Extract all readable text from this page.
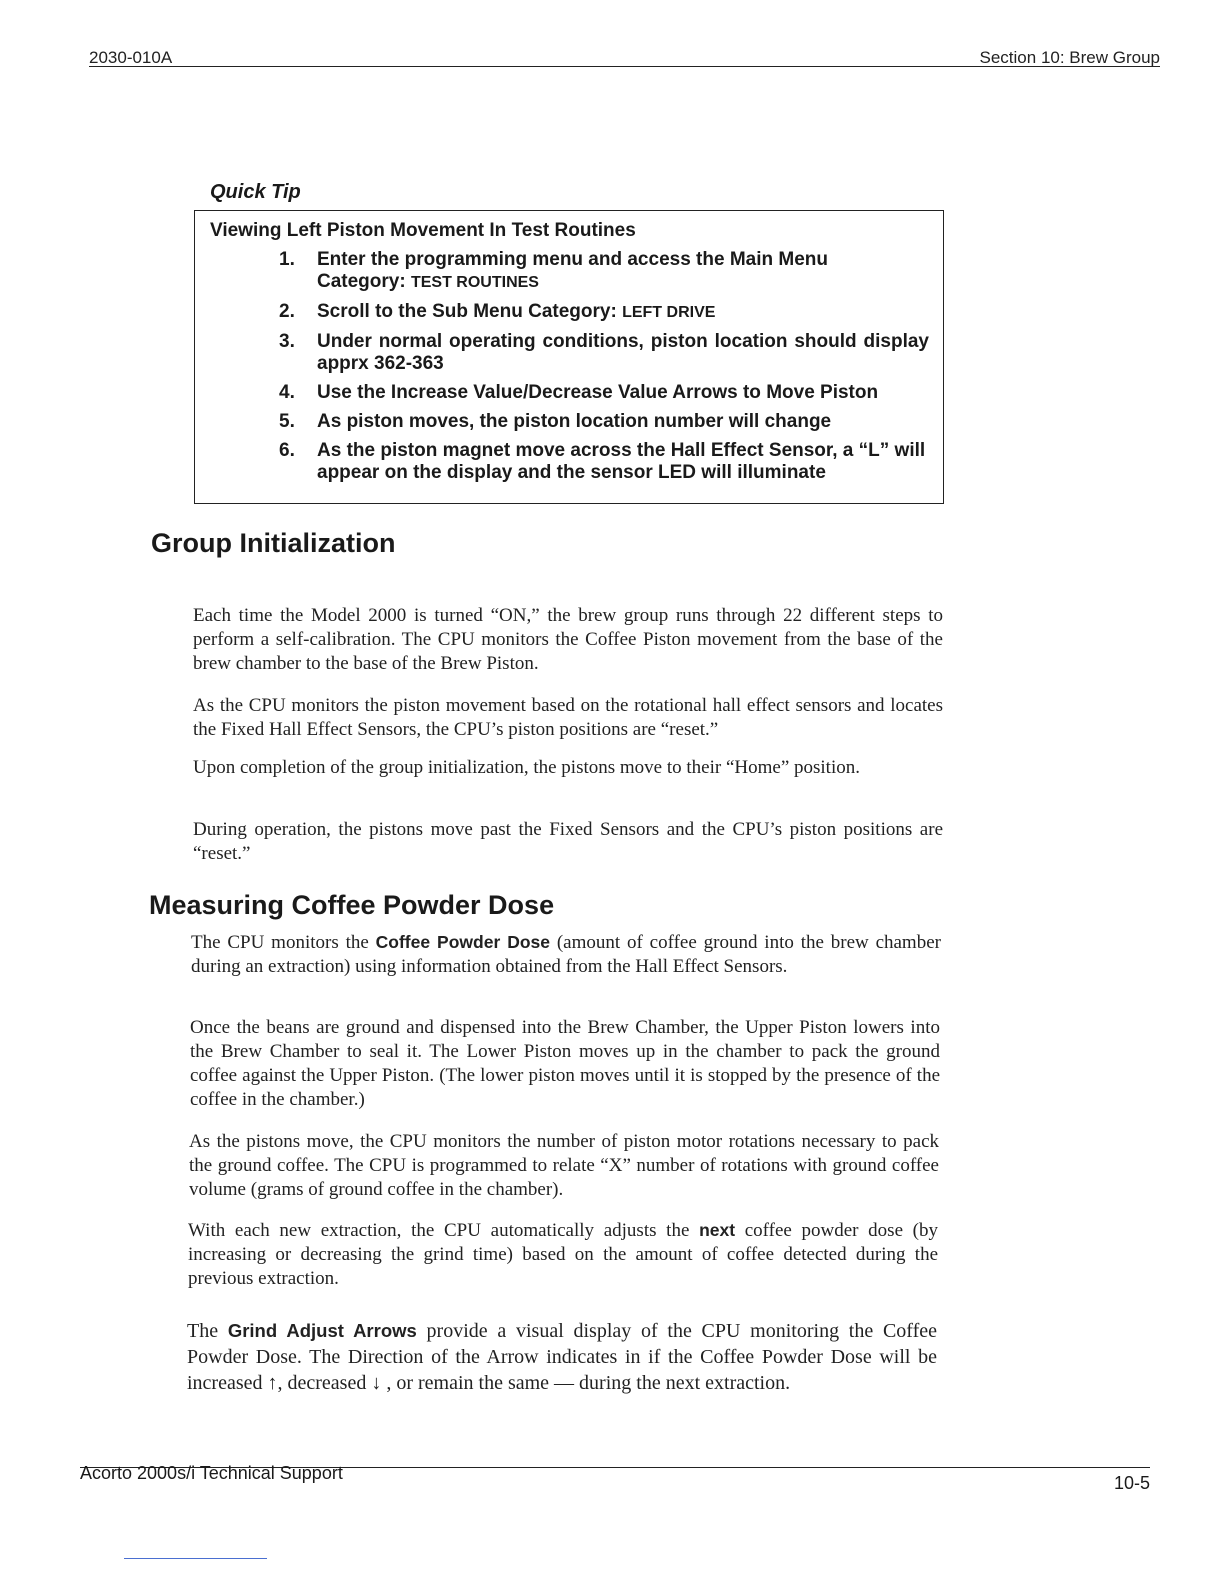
2030-010A	Section 10: Brew Group
Quick Tip
Viewing Left Piston Movement In Test Routines
1.	Enter the programming menu and access the Main Menu
Category: TEST ROUTINES
2.	Scroll to the Sub Menu Category: LEFT DRIVE
3.	Under normal operating conditions, piston location should display apprx 362-363
4.	Use the Increase Value/Decrease Value Arrows to Move Piston
5.	As piston moves, the piston location number will change
6.	As the piston magnet move across the Hall Effect Sensor, a “L” will appear on the display and the sensor LED will illuminate
Group Initialization

Each time the Model 2000 is turned “ON,” the brew group runs through 22 different steps to perform a self-calibration. The CPU monitors the Coffee Piston movement from the base of the brew chamber to the base of the Brew Piston.

As the CPU monitors the piston movement based on the rotational hall effect sensors and locates the Fixed Hall Effect Sensors, the CPU’s piston positions are “reset.”

Upon completion of the group initialization, the pistons move to their “Home” position.

During operation, the pistons move past the Fixed Sensors and the CPU’s piston positions are “reset.”

Measuring Coffee Powder Dose

The CPU monitors the Coffee Powder Dose (amount of coffee ground into the brew chamber during an extraction) using information obtained from the Hall Effect Sensors.

Once the beans are ground and dispensed into the Brew Chamber, the Upper Piston lowers into the Brew Chamber to seal it. The Lower Piston moves up in the chamber to pack the ground coffee against the Upper Piston. (The lower piston moves until it is stopped by the presence of the coffee in the chamber.)

As the pistons move, the CPU monitors the number of piston motor rotations necessary to pack the ground coffee. The CPU is programmed to relate “X” number of rotations with ground coffee volume (grams of ground coffee in the chamber).

With each new extraction, the CPU automatically adjusts the next coffee powder dose (by increasing or decreasing the grind time) based on the amount of coffee detected during the previous extraction.

The Grind Adjust Arrows provide a visual display of the CPU monitoring the Coffee Powder Dose. The Direction of the Arrow indicates in if the Coffee Powder Dose will be increased ↑, decreased ↓ , or remain the same — during the next extraction.

Acorto 2000s/i Technical Support	10-5
